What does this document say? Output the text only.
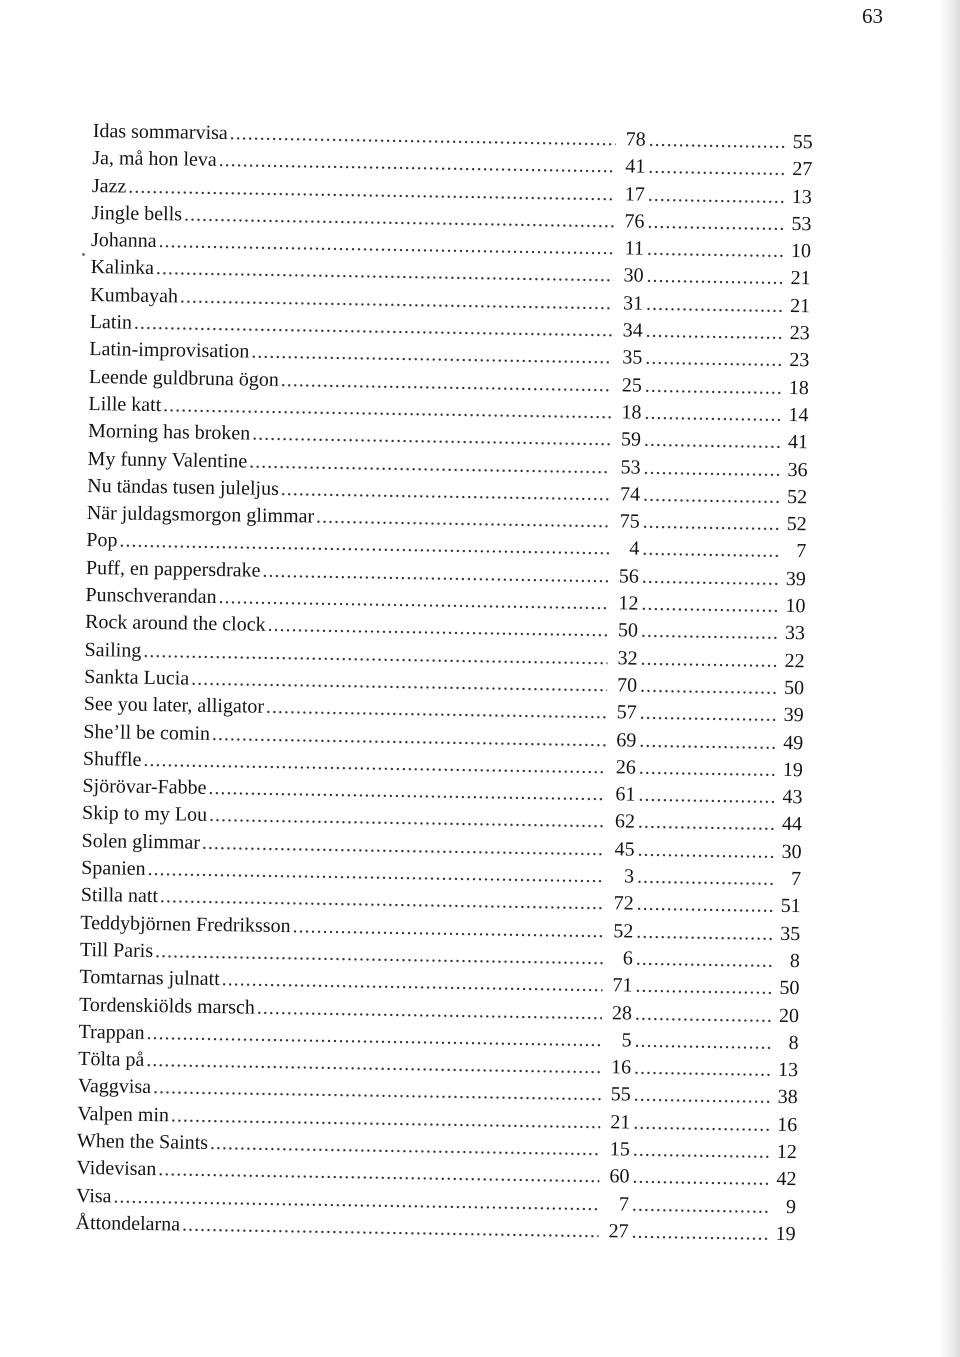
63
Idas sommarvisa .....	78 .....	55
Ja, må hon leva .....	41 .....	27
Jazz .....	17 .....	13
Jingle bells .....	76 .....	53
Johanna .....	11 .....	10
Kalinka .....	30 .....	21
Kumbayah .....	31 .....	21
Latin .....	34 .....	23
Latin-improvisation .....	35 .....	23
Leende guldbruna ögon .....	25 .....	18
Lille katt .....	18 .....	14
Morning has broken .....	59 .....	41
My funny Valentine .....	53 .....	36
Nu tändas tusen juleljus .....	74 .....	52
När juldagsmorgon glimmar .....	75 .....	52
Pop .....	4 .....	7
Puff, en pappersdrake .....	56 .....	39
Punschverandan .....	12 .....	10
Rock around the clock .....	50 .....	33
Sailing .....	32 .....	22
Sankta Lucia .....	70 .....	50
See you later, alligator .....	57 .....	39
She’ll be comin .....	69 .....	49
Shuffle .....	26 .....	19
Sjörövar-Fabbe .....	61 .....	43
Skip to my Lou .....	62 .....	44
Solen glimmar .....	45 .....	30
Spanien .....	3 .....	7
Stilla natt .....	72 .....	51
Teddybjörnen Fredriksson .....	52 .....	35
Till Paris .....	6 .....	8
Tomtarnas julnatt .....	71 .....	50
Tordenskiölds marsch .....	28 .....	20
Trappan .....	5 .....	8
Tölta på .....	16 .....	13
Vaggvisa .....	55 .....	38
Valpen min .....	21 .....	16
When the Saints .....	15 .....	12
Videvisan .....	60 .....	42
Visa .....	7 .....	9
Åttondelarna .....	27 .....	19
